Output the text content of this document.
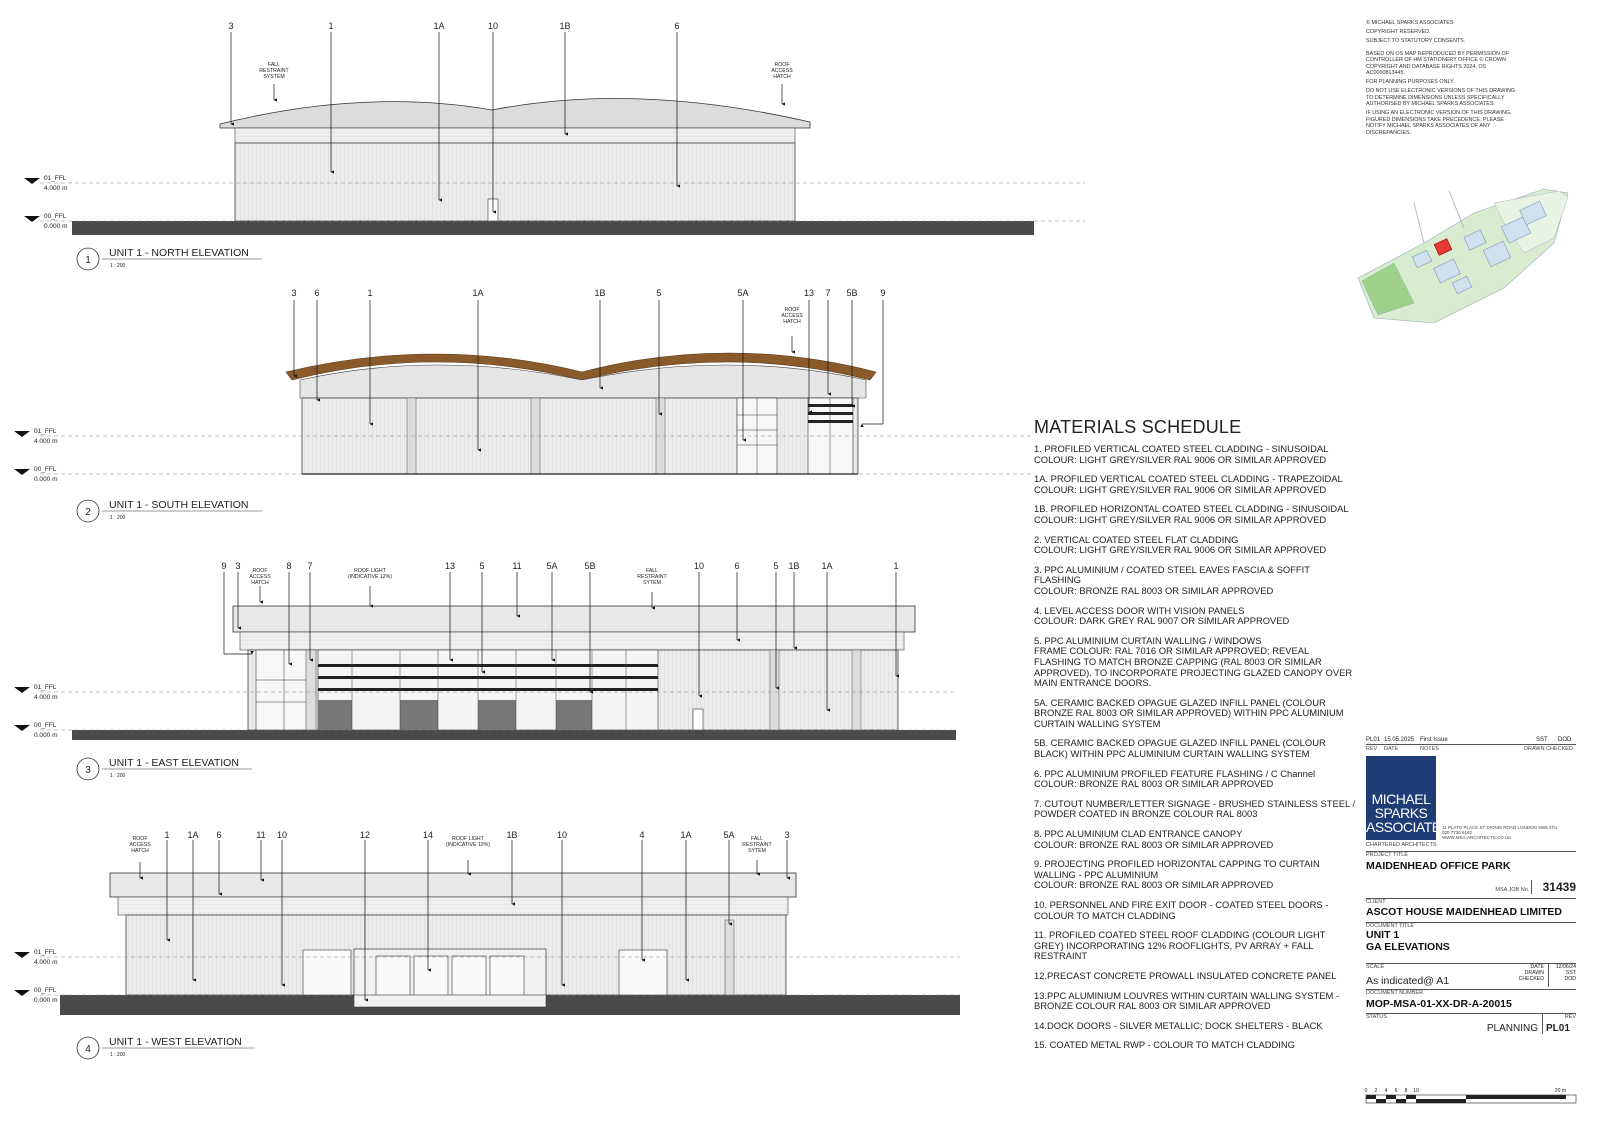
01_FFL
4.000 m
00_FFL
0.000 m
01_FFL
4.000 m
00_FFL
0.000 m
01_FFL
4.000 m
00_FFL
0.000 m
01_FFL
4.000 m
00_FFL
0.000 m
1
UNIT 1 - NORTH ELEVATION
1 : 200
2
UNIT 1 - SOUTH ELEVATION
1 : 200
3
UNIT 1 - EAST ELEVATION
1 : 200
4
UNIT 1 - WEST ELEVATION
1 : 200
3	1	1A	10	1B	6
3 6	1	1A	1B	5	5A	13 7 5B	9
9 3	8 7	13	5	11	5A	5B	10	6	5 1B 1A	1
1 1A 6	11 10	12	14	1B	10	4	1A	5A	3
FALL RESTRAINT SYSTEM
ROOF ACCESS HATCH
ROOF ACCESS HATCH
ROOF ACCESS HATCH
ROOF LIGHT (INDICATIVE 12%)
FALL RESTRAINT SYTEM
ROOF ACCESS HATCH
ROOF LIGHT (INDICATIVE 12%)
FALL RESTRAINT SYTEM

© MICHAEL SPARKS ASSOCIATES

COPYRIGHT RESERVED.

SUBJECT TO STATUTORY CONSENTS.

BASED ON OS MAP REPRODUCED BY PERMISSION OF
CONTROLLER OF HM STATIONERY OFFICE © CROWN
COPYRIGHT AND DATABASE RIGHTS 2024. OS
AC0000813445.

FOR PLANNING PURPOSES ONLY.

DO NOT USE ELECTRONIC VERSIONS OF THIS DRAWING
TO DETERMINE DIMENSIONS UNLESS SPECIFICALLY
AUTHORISED BY MICHAEL SPARKS ASSOCIATES.

IF USING AN ELECTRONIC VERSION OF THIS DRAWING,
FIGURED DIMENSIONS TAKE PRECEDENCE. PLEASE
NOTIFY MICHAEL SPARKS ASSOCIATES OF ANY
DISCREPANCIES.

MATERIALS SCHEDULE

1. PROFILED VERTICAL COATED STEEL CLADDING - SINUSOIDAL
COLOUR: LIGHT GREY/SILVER RAL 9006 OR SIMILAR APPROVED

1A. PROFILED VERTICAL COATED STEEL CLADDING - TRAPEZOIDAL
COLOUR: LIGHT GREY/SILVER RAL 9006 OR SIMILAR APPROVED

1B. PROFILED HORIZONTAL COATED STEEL CLADDING - SINUSOIDAL
COLOUR: LIGHT GREY/SILVER RAL 9006 OR SIMILAR APPROVED

2. VERTICAL COATED STEEL FLAT CLADDING
COLOUR: LIGHT GREY/SILVER RAL 9006 OR SIMILAR APPROVED

3. PPC ALUMINIUM / COATED STEEL EAVES FASCIA & SOFFIT
FLASHING
COLOUR: BRONZE RAL 8003 OR SIMILAR APPROVED

4. LEVEL ACCESS DOOR WITH VISION PANELS
COLOUR: DARK GREY RAL 9007 OR SIMILAR APPROVED

5. PPC ALUMINIUM CURTAIN WALLING / WINDOWS
FRAME COLOUR: RAL 7016 OR SIMILAR APPROVED; REVEAL
FLASHING TO MATCH BRONZE CAPPING (RAL 8003 OR SIMILAR
APPROVED). TO INCORPORATE PROJECTING GLAZED CANOPY OVER
MAIN ENTRANCE DOORS.

5A. CERAMIC BACKED OPAGUE GLAZED INFILL PANEL (COLOUR
BRONZE RAL 8003 OR SIMILAR APPROVED) WITHIN PPC ALUMINIUM
CURTAIN WALLING SYSTEM

5B. CERAMIC BACKED OPAGUE GLAZED INFILL PANEL (COLOUR
BLACK) WITHIN PPC ALUMINIUM CURTAIN WALLING SYSTEM

6. PPC ALUMINIUM PROFILED FEATURE FLASHING / C Channel
COLOUR: BRONZE RAL 8003 OR SIMILAR APPROVED

7. CUTOUT NUMBER/LETTER SIGNAGE - BRUSHED STAINLESS STEEL /
POWDER COATED IN BRONZE COLOUR RAL 8003

8. PPC ALUMINIUM CLAD ENTRANCE CANOPY
COLOUR: BRONZE RAL 8003 OR SIMILAR APPROVED

9. PROJECTING PROFILED HORIZONTAL CAPPING TO CURTAIN
WALLING - PPC ALUMINIUM
COLOUR: BRONZE RAL 8003 OR SIMILAR APPROVED

10. PERSONNEL AND FIRE EXIT DOOR - COATED STEEL DOORS -
COLOUR TO MATCH CLADDING

11. PROFILED COATED STEEL ROOF CLADDING (COLOUR LIGHT
GREY) INCORPORATING 12% ROOFLIGHTS, PV ARRAY + FALL
RESTRAINT

12.PRECAST CONCRETE PROWALL INSULATED CONCRETE PANEL

13.PPC ALUMINIUM LOUVRES WITHIN CURTAIN WALLING SYSTEM -
BRONZE COLOUR RAL 8003 OR SIMILAR APPROVED

14.DOCK DOORS - SILVER METALLIC; DOCK SHELTERS - BLACK

15. COATED METAL RWP - COLOUR TO MATCH CLADDING

PL01 15.05.2025 First Issue	SST	DOD
REV	DATE	NOTES	DRAWN CHECKED
MICHAEL
SPARKS
ASSOCIATES
11 PLATO PLACE ST DIONIS ROAD LONDON SW6 4TU
020 7736 6162
WWW.MSA-ARCHITECTS.CO.UK
CHARTERED ARCHITECTS
PROJECT TITLE
MAIDENHEAD OFFICE PARK
MSA JOB No. 31439
CLIENT
ASCOT HOUSE MAIDENHEAD LIMITED
DOCUMENT TITLE
UNIT 1
GA ELEVATIONS
SCALE
As indicated@ A1
DATE
DRAWN
CHECKED
12/06/24
SST
DOD
DOCUMENT NUMBER
MOP-MSA-01-XX-DR-A-20015
STATUS
PLANNING
REV
PL01
0 2 4 6 8 10	20 m
